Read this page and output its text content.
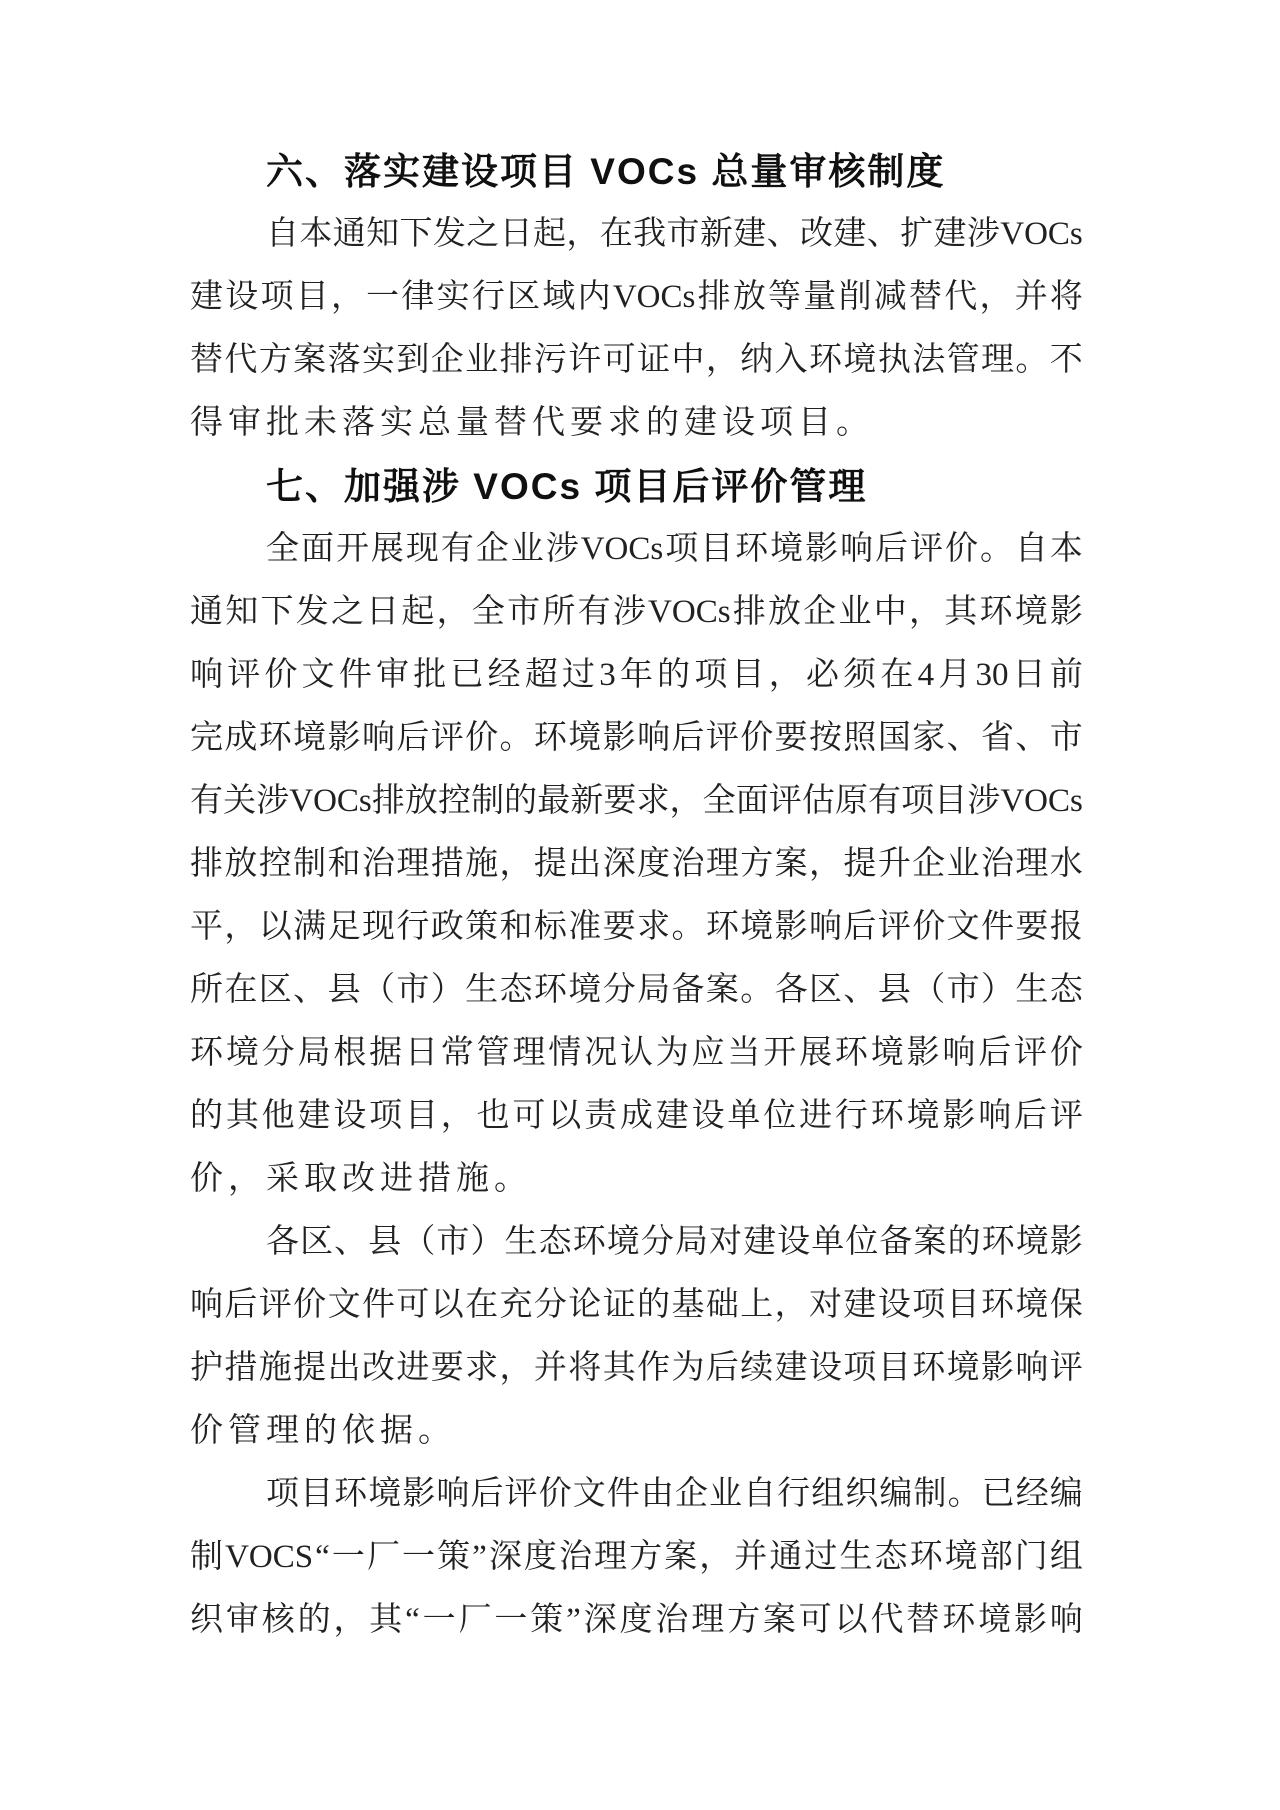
六、落实建设项目 VOCs 总量审核制度
自 本 通 知 下 发 之 日 起 ， 在 我 市 新 建 、 改 建 、 扩 建 涉 VOCs
建 设 项 目 ， 一 律 实 行 区 域 内 VOCs 排 放 等 量 削 减 替 代 ， 并 将
替 代 方 案 落 实 到 企 业 排 污 许 可 证 中 ， 纳 入 环 境 执 法 管 理 。 不
得审批未落实总量替代要求的建设项目。
七、加强涉 VOCs 项目后评价管理
全 面 开 展 现 有 企 业 涉 VOCs 项 目 环 境 影 响 后 评 价 。 自 本
通 知 下 发 之 日 起 ， 全 市 所 有 涉 VOCs 排 放 企 业 中 ， 其 环 境 影
响 评 价 文 件 审 批 已 经 超 过 3 年 的 项 目 ， 必 须 在 4 月 30 日 前
完 成 环 境 影 响 后 评 价 。 环 境 影 响 后 评 价 要 按 照 国 家 、 省 、 市
有 关 涉 VOCs 排 放 控 制 的 最 新 要 求 ， 全 面 评 估 原 有 项 目 涉 VOCs
排 放 控 制 和 治 理 措 施 ， 提 出 深 度 治 理 方 案 ， 提 升 企 业 治 理 水
平 ， 以 满 足 现 行 政 策 和 标 准 要 求 。 环 境 影 响 后 评 价 文 件 要 报
所 在 区 、 县 （ 市 ） 生 态 环 境 分 局 备 案 。 各 区 、 县 （ 市 ） 生 态
环 境 分 局 根 据 日 常 管 理 情 况 认 为 应 当 开 展 环 境 影 响 后 评 价
的 其 他 建 设 项 目 ， 也 可 以 责 成 建 设 单 位 进 行 环 境 影 响 后 评
价，采取改进措施。
各 区 、 县 （ 市 ） 生 态 环 境 分 局 对 建 设 单 位 备 案 的 环 境 影
响 后 评 价 文 件 可 以 在 充 分 论 证 的 基 础 上 ， 对 建 设 项 目 环 境 保
护 措 施 提 出 改 进 要 求 ， 并 将 其 作 为 后 续 建 设 项 目 环 境 影 响 评
价管理的依据。
项 目 环 境 影 响 后 评 价 文 件 由 企 业 自 行 组 织 编 制 。 已 经 编
制 VOCS “ 一 厂 一 策 ” 深 度 治 理 方 案 ， 并 通 过 生 态 环 境 部 门 组
织 审 核 的 ， 其 “ 一 厂 一 策 ” 深 度 治 理 方 案 可 以 代 替 环 境 影 响
